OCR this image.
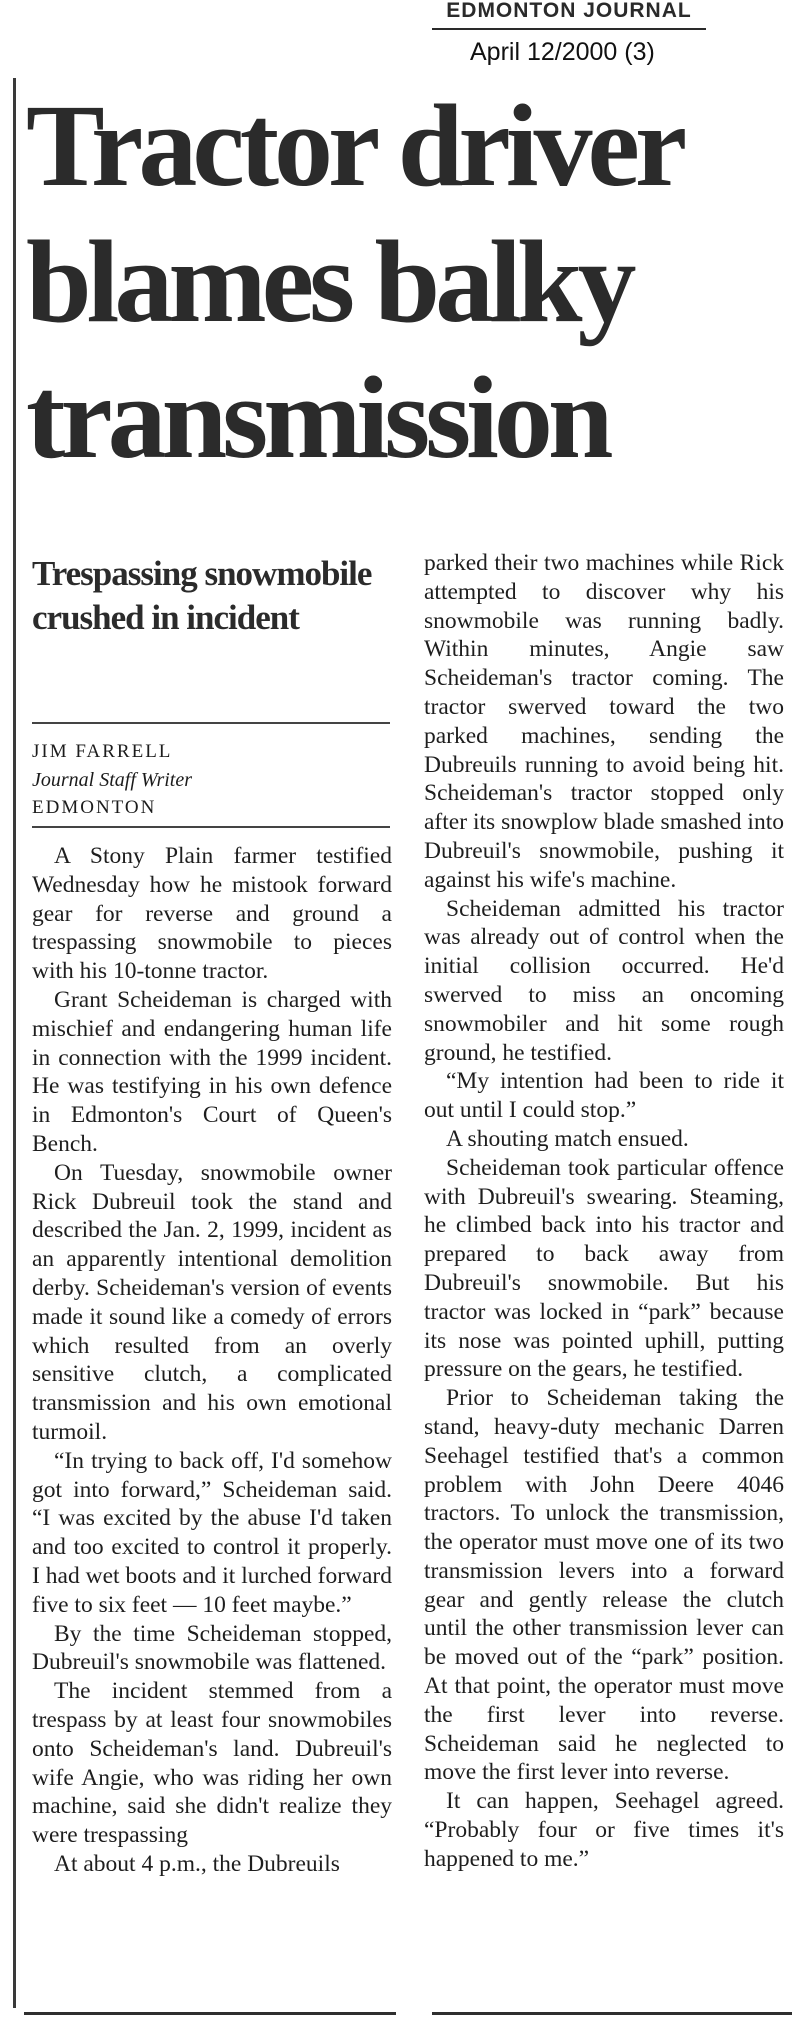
EDMONTON JOURNAL
April 12/2000 (3)
Tractor driver blames balky transmission
Trespassing snowmobile crushed in incident
JIM FARRELL
Journal Staff Writer
EDMONTON

A Stony Plain farmer testified Wednesday how he mistook forward gear for reverse and ground a trespassing snowmobile to pieces with his 10-tonne tractor.

Grant Scheideman is charged with mischief and endangering human life in connection with the 1999 incident. He was testifying in his own defence in Edmonton's Court of Queen's Bench.

On Tuesday, snowmobile owner Rick Dubreuil took the stand and described the Jan. 2, 1999, incident as an apparently intentional demolition derby. Scheideman's version of events made it sound like a comedy of errors which resulted from an overly sensitive clutch, a complicated transmission and his own emotional turmoil.

“In trying to back off, I'd somehow got into forward,” Scheideman said. “I was excited by the abuse I'd taken and too excited to control it properly. I had wet boots and it lurched forward five to six feet — 10 feet maybe.”

By the time Scheideman stopped, Dubreuil's snowmobile was flattened.

The incident stemmed from a trespass by at least four snowmobiles onto Scheideman's land. Dubreuil's wife Angie, who was riding her own machine, said she didn't realize they were trespassing

At about 4 p.m., the Dubreuils

parked their two machines while Rick attempted to discover why his snowmobile was running badly. Within minutes, Angie saw Scheideman's tractor coming. The tractor swerved toward the two parked machines, sending the Dubreuils running to avoid being hit. Scheideman's tractor stopped only after its snowplow blade smashed into Dubreuil's snowmobile, pushing it against his wife's machine.

Scheideman admitted his tractor was already out of control when the initial collision occurred. He'd swerved to miss an oncoming snowmobiler and hit some rough ground, he testified.

“My intention had been to ride it out until I could stop.”

A shouting match ensued.

Scheideman took particular offence with Dubreuil's swearing. Steaming, he climbed back into his tractor and prepared to back away from Dubreuil's snowmobile. But his tractor was locked in “park” because its nose was pointed uphill, putting pressure on the gears, he testified.

Prior to Scheideman taking the stand, heavy-duty mechanic Darren Seehagel testified that's a common problem with John Deere 4046 tractors. To unlock the transmission, the operator must move one of its two transmission levers into a forward gear and gently release the clutch until the other transmission lever can be moved out of the “park” position. At that point, the operator must move the first lever into reverse. Scheideman said he neglected to move the first lever into reverse.

It can happen, Seehagel agreed. “Probably four or five times it's happened to me.”
